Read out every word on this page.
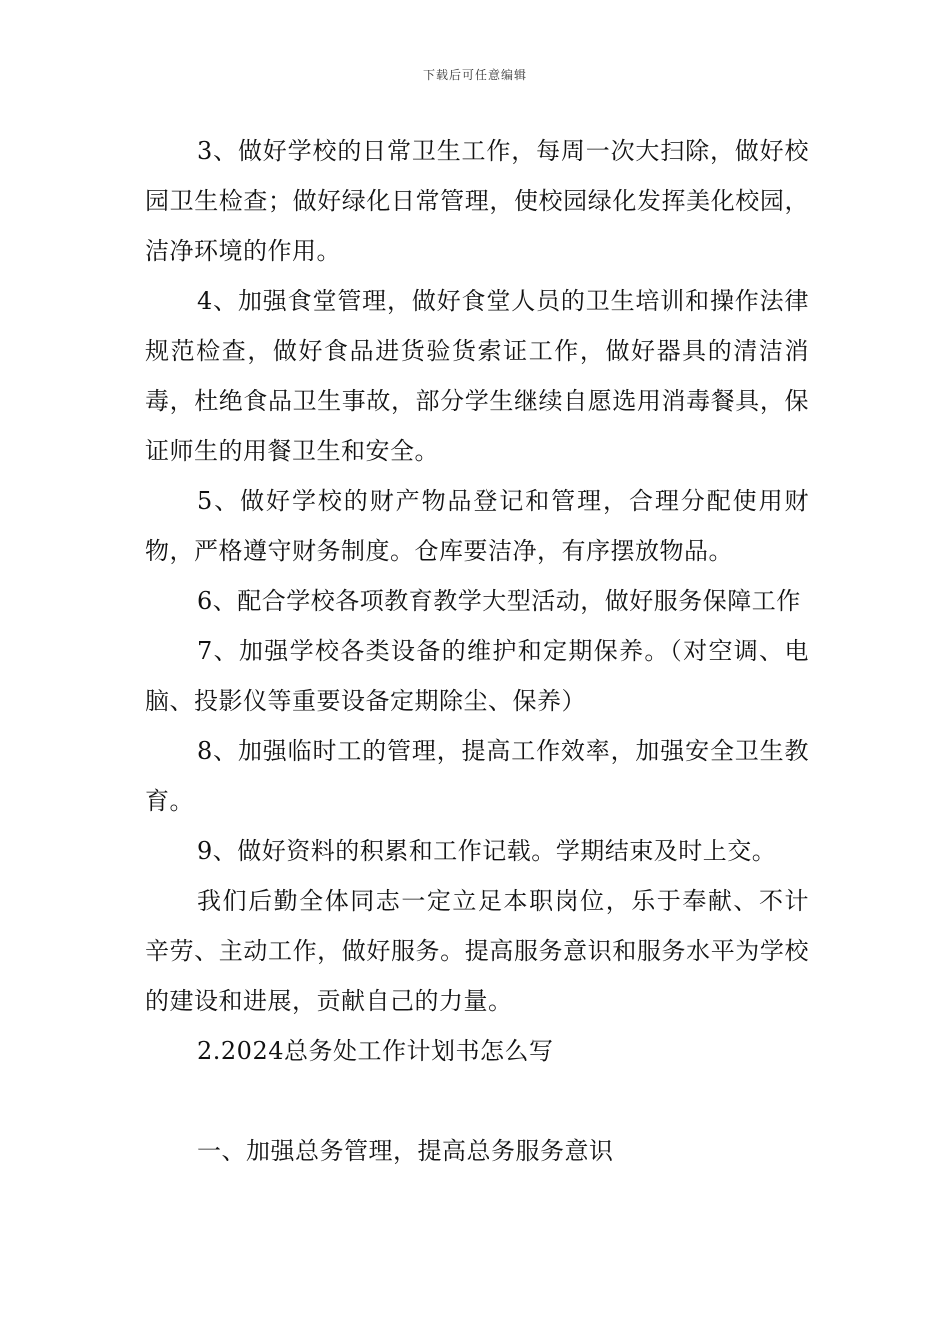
下载后可任意编辑

3、做好学校的日常卫生工作，每周一次大扫除，做好校园卫生检查；做好绿化日常管理，使校园绿化发挥美化校园，洁净环境的作用。

4、加强食堂管理，做好食堂人员的卫生培训和操作法律规范检查，做好食品进货验货索证工作，做好器具的清洁消毒，杜绝食品卫生事故，部分学生继续自愿选用消毒餐具，保证师生的用餐卫生和安全。

5、做好学校的财产物品登记和管理，合理分配使用财物，严格遵守财务制度。仓库要洁净，有序摆放物品。

6、配合学校各项教育教学大型活动，做好服务保障工作

7、加强学校各类设备的维护和定期保养。（对空调、电脑、投影仪等重要设备定期除尘、保养）

8、加强临时工的管理，提高工作效率，加强安全卫生教育。

9、做好资料的积累和工作记载。学期结束及时上交。

我们后勤全体同志一定立足本职岗位，乐于奉献、不计辛劳、主动工作，做好服务。提高服务意识和服务水平为学校的建设和进展，贡献自己的力量。

2.2024总务处工作计划书怎么写

一、加强总务管理，提高总务服务意识
